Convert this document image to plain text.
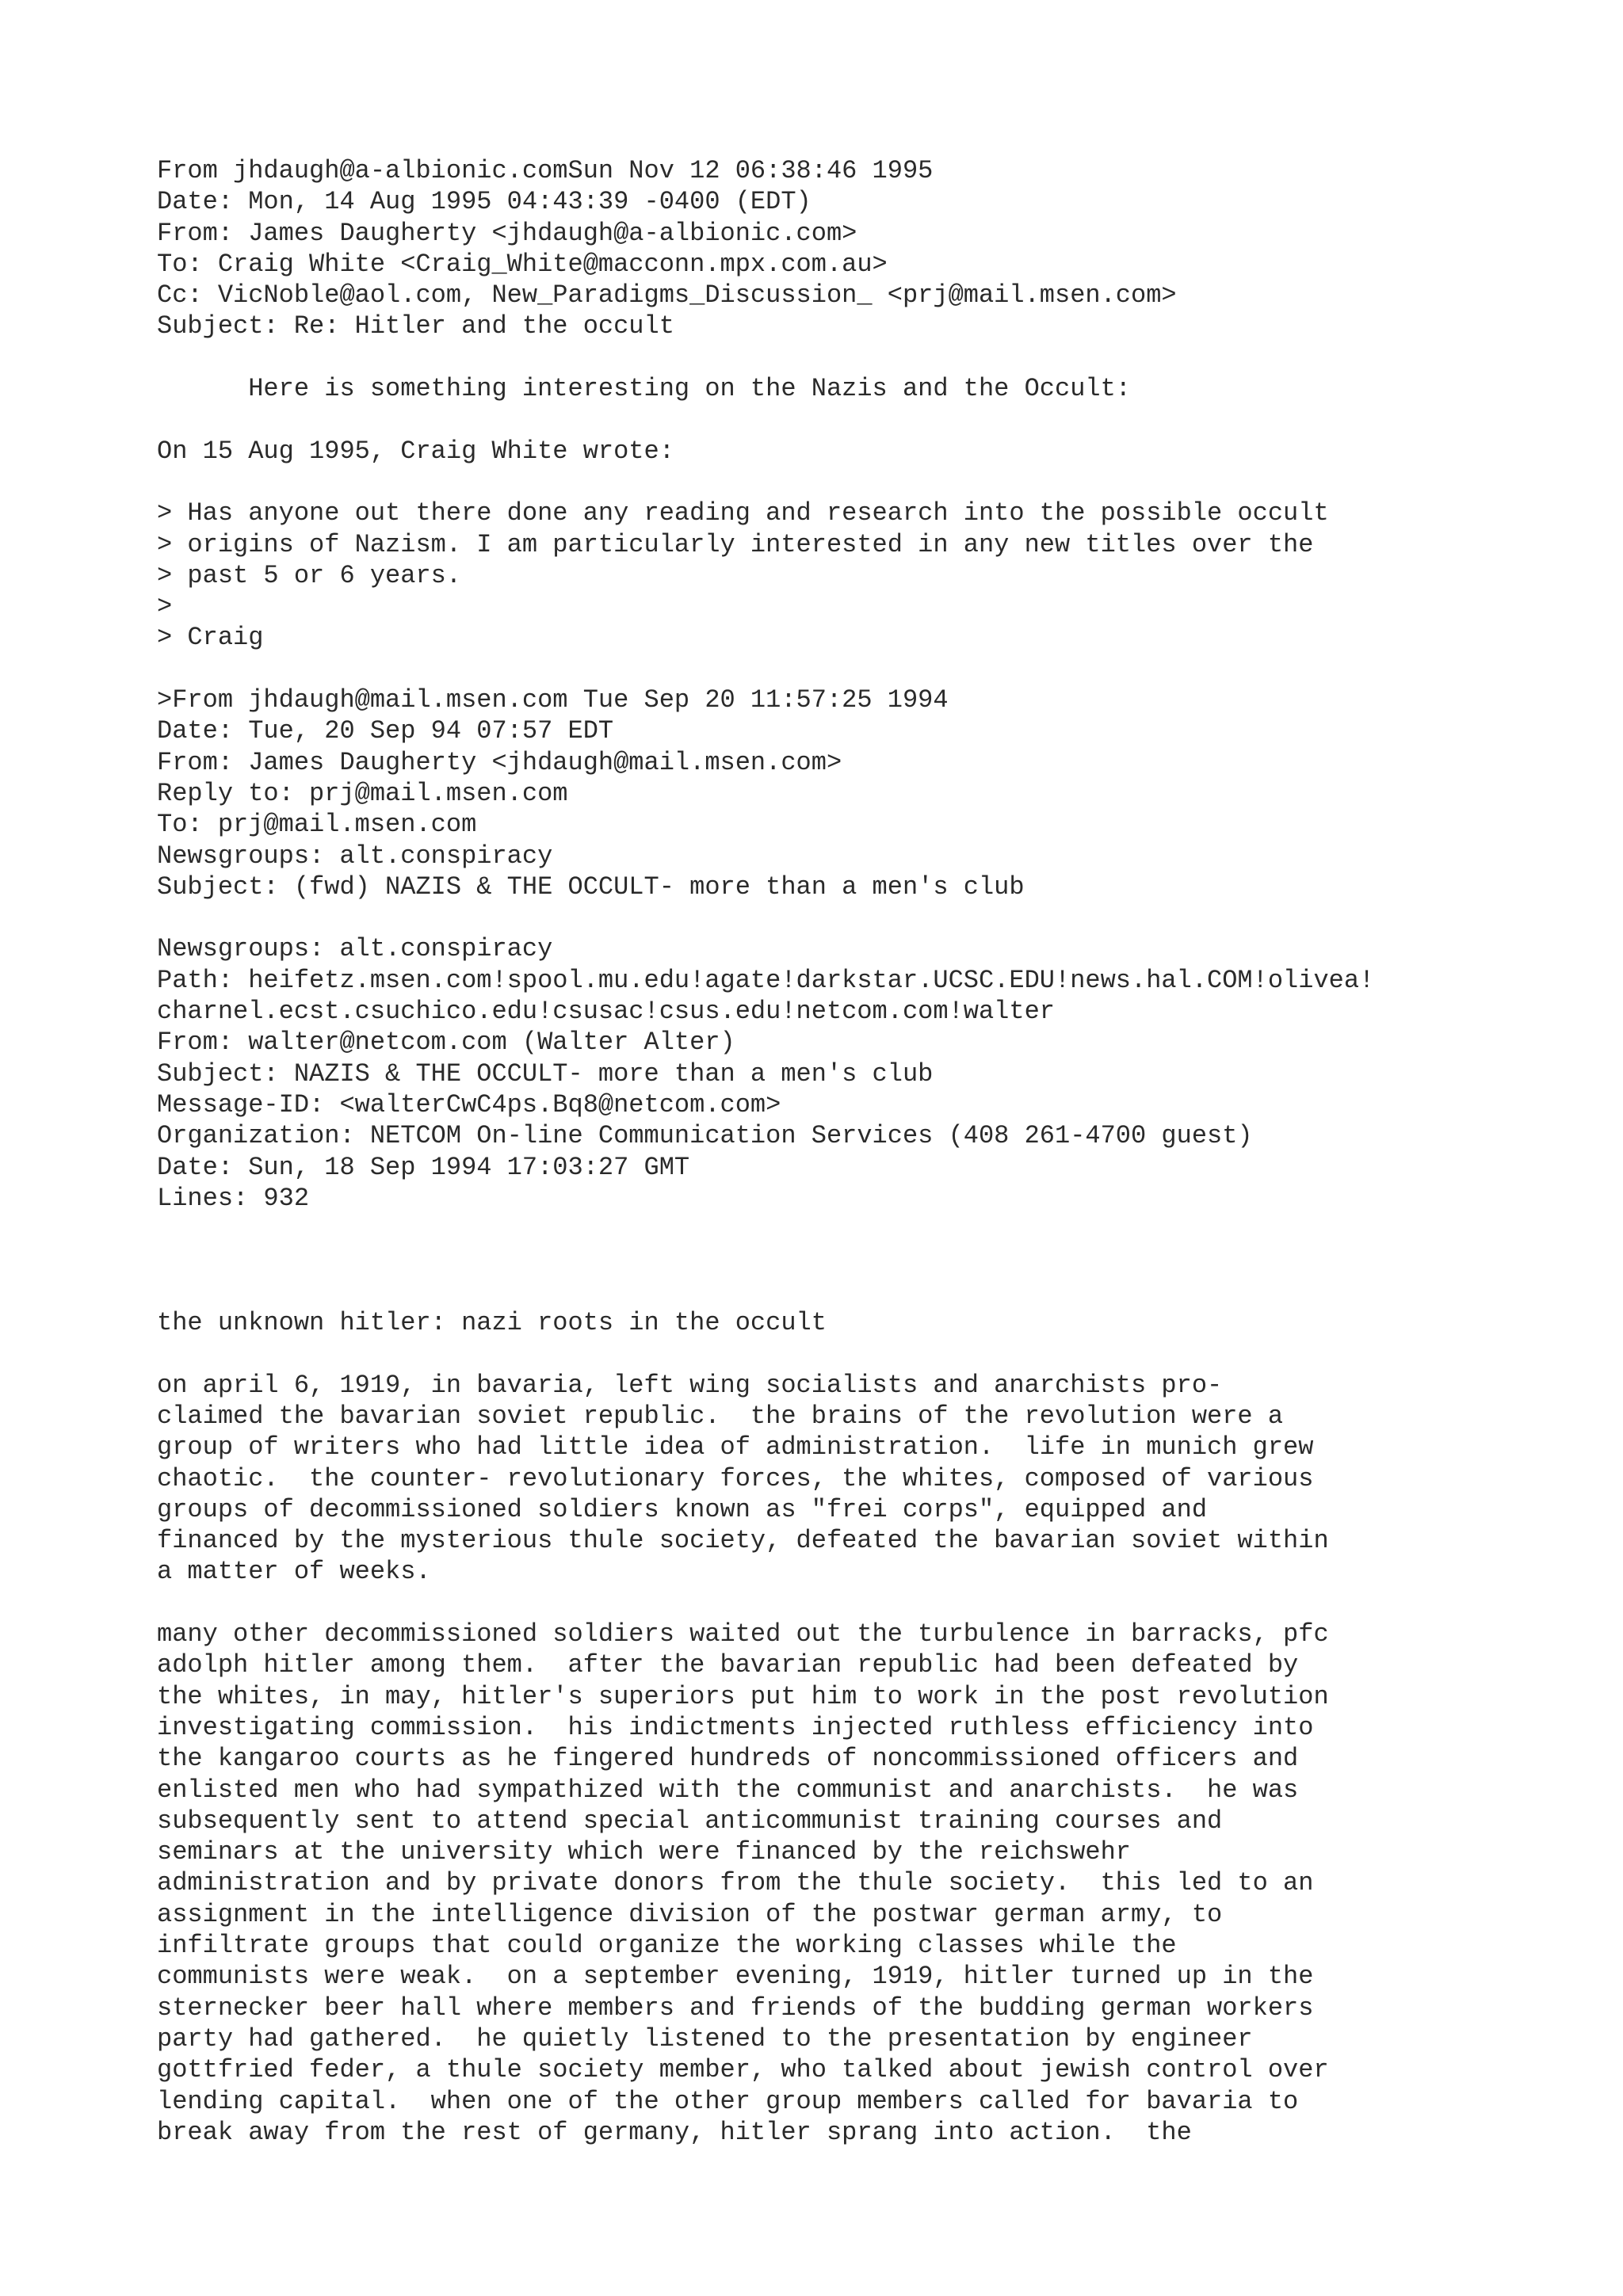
From jhdaugh@a-albionic.comSun Nov 12 06:38:46 1995
Date: Mon, 14 Aug 1995 04:43:39 -0400 (EDT)
From: James Daugherty <jhdaugh@a-albionic.com>
To: Craig White <Craig_White@macconn.mpx.com.au>
Cc: VicNoble@aol.com, New_Paradigms_Discussion_ <prj@mail.msen.com>
Subject: Re: Hitler and the occult
Here is something interesting on the Nazis and the Occult:
On 15 Aug 1995, Craig White wrote:
> Has anyone out there done any reading and research into the possible occult
> origins of Nazism. I am particularly interested in any new titles over the
> past 5 or 6 years.
>
> Craig
>From jhdaugh@mail.msen.com Tue Sep 20 11:57:25 1994
Date: Tue, 20 Sep 94 07:57 EDT
From: James Daugherty <jhdaugh@mail.msen.com>
Reply to: prj@mail.msen.com
To: prj@mail.msen.com
Newsgroups: alt.conspiracy
Subject: (fwd) NAZIS & THE OCCULT- more than a men's club
Newsgroups: alt.conspiracy
Path: heifetz.msen.com!spool.mu.edu!agate!darkstar.UCSC.EDU!news.hal.COM!olivea!
charnel.ecst.csuchico.edu!csusac!csus.edu!netcom.com!walter
From: walter@netcom.com (Walter Alter)
Subject: NAZIS & THE OCCULT- more than a men's club
Message-ID: <walterCwC4ps.Bq8@netcom.com>
Organization: NETCOM On-line Communication Services (408 261-4700 guest)
Date: Sun, 18 Sep 1994 17:03:27 GMT
Lines: 932
the unknown hitler: nazi roots in the occult
on april 6, 1919, in bavaria, left wing socialists and anarchists pro-
claimed the bavarian soviet republic.  the brains of the revolution were a
group of writers who had little idea of administration.  life in munich grew
chaotic.  the counter- revolutionary forces, the whites, composed of various
groups of decommissioned soldiers known as "frei corps", equipped and
financed by the mysterious thule society, defeated the bavarian soviet within
a matter of weeks.
many other decommissioned soldiers waited out the turbulence in barracks, pfc
adolph hitler among them.  after the bavarian republic had been defeated by
the whites, in may, hitler's superiors put him to work in the post revolution
investigating commission.  his indictments injected ruthless efficiency into
the kangaroo courts as he fingered hundreds of noncommissioned officers and
enlisted men who had sympathized with the communist and anarchists.  he was
subsequently sent to attend special anticommunist training courses and
seminars at the university which were financed by the reichswehr
administration and by private donors from the thule society.  this led to an
assignment in the intelligence division of the postwar german army, to
infiltrate groups that could organize the working classes while the
communists were weak.  on a september evening, 1919, hitler turned up in the
sternecker beer hall where members and friends of the budding german workers
party had gathered.  he quietly listened to the presentation by engineer
gottfried feder, a thule society member, who talked about jewish control over
lending capital.  when one of the other group members called for bavaria to
break away from the rest of germany, hitler sprang into action.  the
